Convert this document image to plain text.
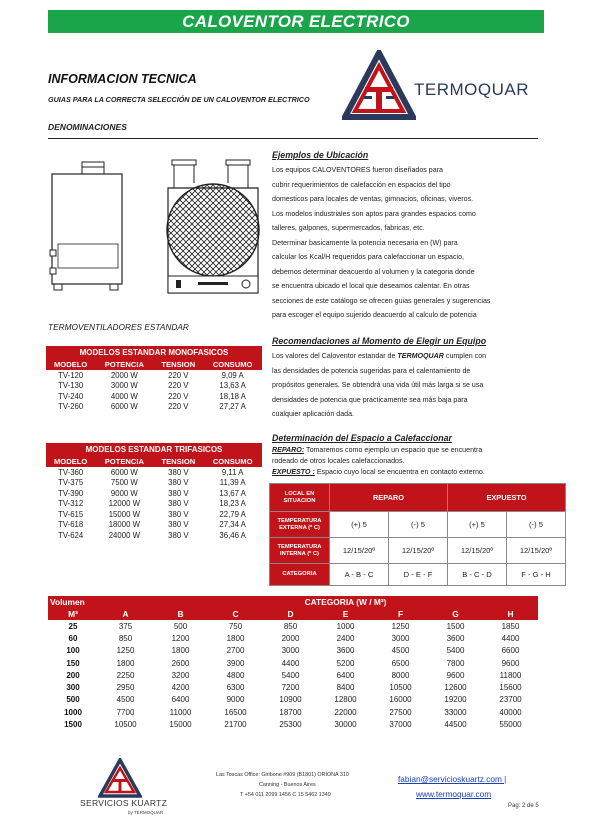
CALOVENTOR ELECTRICO
INFORMACION TECNICA
GUIAS PARA LA CORRECTA SELECCIÓN DE UN CALOVENTOR ELECTRICO
DENOMINACIONES
TERMOQUAR
Ejemplos de Ubicación
Los equipos CALOVENTORES fueron diseñados para
cubrir requerimientos de calefacción en espacios del tipo
domesticos para locales de ventas, gimnacios, oficinas, viveros.
Los modelos industriales son aptos para grandes espacios como
talleres, galpones, supermercados, fabricas, etc.
Determinar basicamente la potencia necesaria en (W) para
calcular los Kcal/H requeridos para calefaccionar un espacio,
debemos determinar deacuerdo al volumen y la categoria donde
se encuentra ubicado el local que deseamos calentar. En otras
secciones de este catálogo se ofrecen guias generales y sugerencias
para escoger el equipo sujerido deacuerdo al calculo de potencia
TERMOVENTILADORES ESTANDAR
MODELOS ESTANDAR MONOFASICOS			
MODELO	POTENCIA	TENSION	CONSUMO
TV-120	2000 W	220 V	9,09 A
TV-130	3000 W	220 V	13,63 A
TV-240	4000 W	220 V	18,18 A
TV-260	6000 W	220 V	27,27 A
MODELOS ESTANDAR TRIFASICOS			
MODELO	POTENCIA	TENSION	CONSUMO
TV-360	6000 W	380 V	9,11 A
TV-375	7500 W	380 V	11,39 A
TV-390	9000 W	380 V	13,67 A
TV-312	12000 W	380 V	18,23 A
TV-615	15000 W	380 V	22,79 A
TV-618	18000 W	380 V	27,34 A
TV-624	24000 W	380 V	36,46 A
Recomendaciones al Momento de Elegir un Equipo
Los valores del Caloventor estandar de TERMOQUAR cumplen con
las densidades de potencia sugeridas para el calentamiento de
propósitos generales. Se obtendrá una vida útil más larga si se usa
densidades de potencia que prácticamente sea más baja para
cualquier aplicación dada.
Determinación del Espacio a Calefaccionar
REPARO: Tomaremos como ejemplo un espacio que se encuentra
rodeado de otros locales calefaccionados.
EXPUESTO : Espacio cuyo local se encuentra en contacto externo.
LOCAL EN SITUACION	REPARO		EXPUESTO	
TEMPERATURA EXTERNA (º C)	(+) 5	(-) 5	(+) 5	(-) 5
TEMPERATURA INTERNA (º C)	12/15/20º	12/15/20º	12/15/20º	12/15/20º
CATEGORIA	A - B - C	D - E - F	B - C - D	F - G - H
Volumen		CATEGORIA (W / M³)						
M³	A	B	C	D	E	F	G	H
25	375	500	750	850	1000	1250	1500	1850
60	850	1200	1800	2000	2400	3000	3600	4400
100	1250	1800	2700	3000	3600	4500	5400	6600
150	1800	2600	3900	4400	5200	6500	7800	9600
200	2250	3200	4800	5400	6400	8000	9600	11800
300	2950	4200	6300	7200	8400	10500	12600	15600
500	4500	6400	9000	10900	12800	16000	19200	23700
1000	7700	11000	16500	18700	22000	27500	33000	40000
1500	10500	15000	21700	25300	30000	37000	44500	55000
SERVICIOS KUARTZ
by TERMOQUAR
Las Toscas Office: Giribone #909 (B1801) ORIONA 310
Canning - Buenos Aires
T +54 011 2099 1456 C 15 5462 1349
fabian@servicioskuartz.com |
www.termoquar.com
Pag: 2 de 5
